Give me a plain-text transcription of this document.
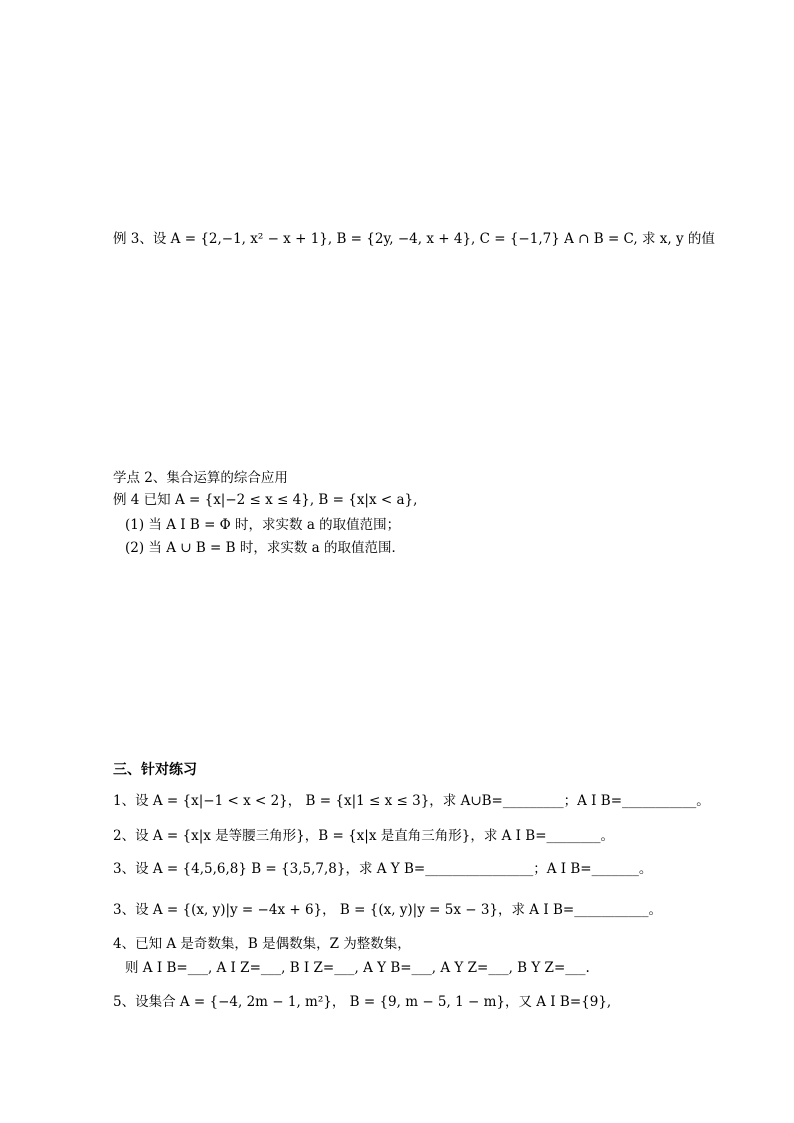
例 3、设 A = {2,−1, x² − x + 1}, B = {2y, −4, x + 4}, C = {−1,7} A ∩ B = C, 求 x, y 的值
学点 2、集合运算的综合应用
例 4 已知 A = {x|−2 ≤ x ≤ 4}, B = {x|x < a},
(1) 当 A I B = Φ 时，求实数 a 的取值范围；
(2) 当 A ∪ B = B 时，求实数 a 的取值范围．
三、针对练习
1、设 A = {x|−1 < x < 2}， B = {x|1 ≤ x ≤ 3}，求 A∪B=_________；A I B=___________。
2、设 A = {x|x 是等腰三角形}，B = {x|x 是直角三角形}，求 A I B=________。
3、设 A = {4,5,6,8} B = {3,5,7,8}，求 A Y B=________________；A I B=_______。
3、设 A = {(x, y)|y = −4x + 6}， B = {(x, y)|y = 5x − 3}，求 A I B=___________。
4、已知 A 是奇数集，B 是偶数集，Z 为整数集，
则 A I B=___, A I Z=___, B I Z=___, A Y B=___, A Y Z=___, B Y Z=___.
5、设集合 A = {−4, 2m − 1, m²}， B = {9, m − 5, 1 − m}，又 A I B={9},
